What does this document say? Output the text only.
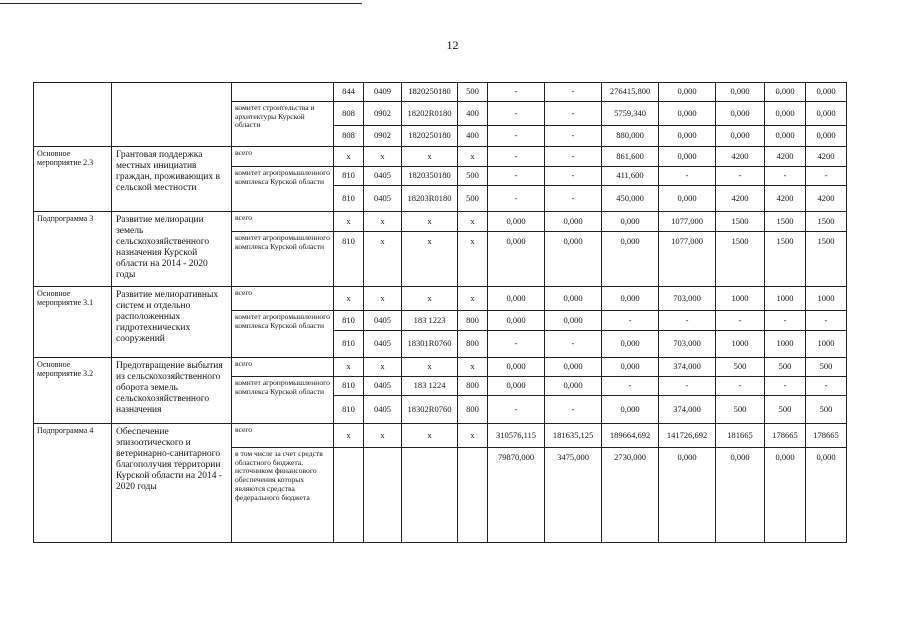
12
			844	0409	1820250180	500	-	-	276415,800	0,000	0,000	0,000	0,000
		комитет строительства и архитектуры Курской области	808	0902	18202R0180	400	-	-	5759,340	0,000	0,000	0,000	0,000
			808	0902	1820250180	400	-	-	880,000	0,000	0,000	0,000	0,000
Основное мероприятие 2.3	Грантовая поддержка местных инициатив граждан, проживающих в сельской местности	всего	x	x	x	x	-	-	861,600	0,000	4200	4200	4200
		комитет агропромышленного комплекса Курской области	810	0405	1820350180	500	-	-	411,600	-	-	-	-
			810	0405	18203R0180	500	-	-	450,000	0,000	4200	4200	4200
Подпрограмма 3	Развитие мелиорации земель сельскохозяйственного назначения Курской области на 2014 - 2020 годы	всего	x	x	x	x	0,000	0,000	0,000	1077,000	1500	1500	1500
		комитет агропромышленного комплекса Курской области	810	x	x	x	0,000	0,000	0,000	1077,000	1500	1500	1500
Основное мероприятие 3.1	Развитие мелиоративных систем и отдельно расположенных гидротехнических сооружений	всего	x	x	x	x	0,000	0,000	0,000	703,000	1000	1000	1000
		комитет агропромышленного комплекса Курской области	810	0405	183 1223	800	0,000	0,000	-	-	-	-	-
			810	0405	18301R0760	800	-	-	0,000	703,000	1000	1000	1000
Основное мероприятие 3.2	Предотвращение выбытия из сельскохозяйственного оборота земель сельскохозяйственного назначения	всего	x	x	x	x	0,000	0,000	0,000	374,000	500	500	500
		комитет агропромышленного комплекса Курской области	810	0405	183 1224	800	0,000	0,000	-	-	-	-	-
			810	0405	18302R0760	800	-	-	0,000	374,000	500	500	500
Подпрограмма 4	Обеспечение эпизоотического и ветеринарно-санитарного благополучия территории Курской области на 2014 - 2020 годы	всего	x	x	x	x	310576,115	181635,125	189664,692	141726,692	181665	178665	178665
		в том числе за счет средств областного бюджета, источником финансового обеспечения которых являются средства федерального бюджета					79870,000	3475,000	2730,000	0,000	0,000	0,000	0,000
